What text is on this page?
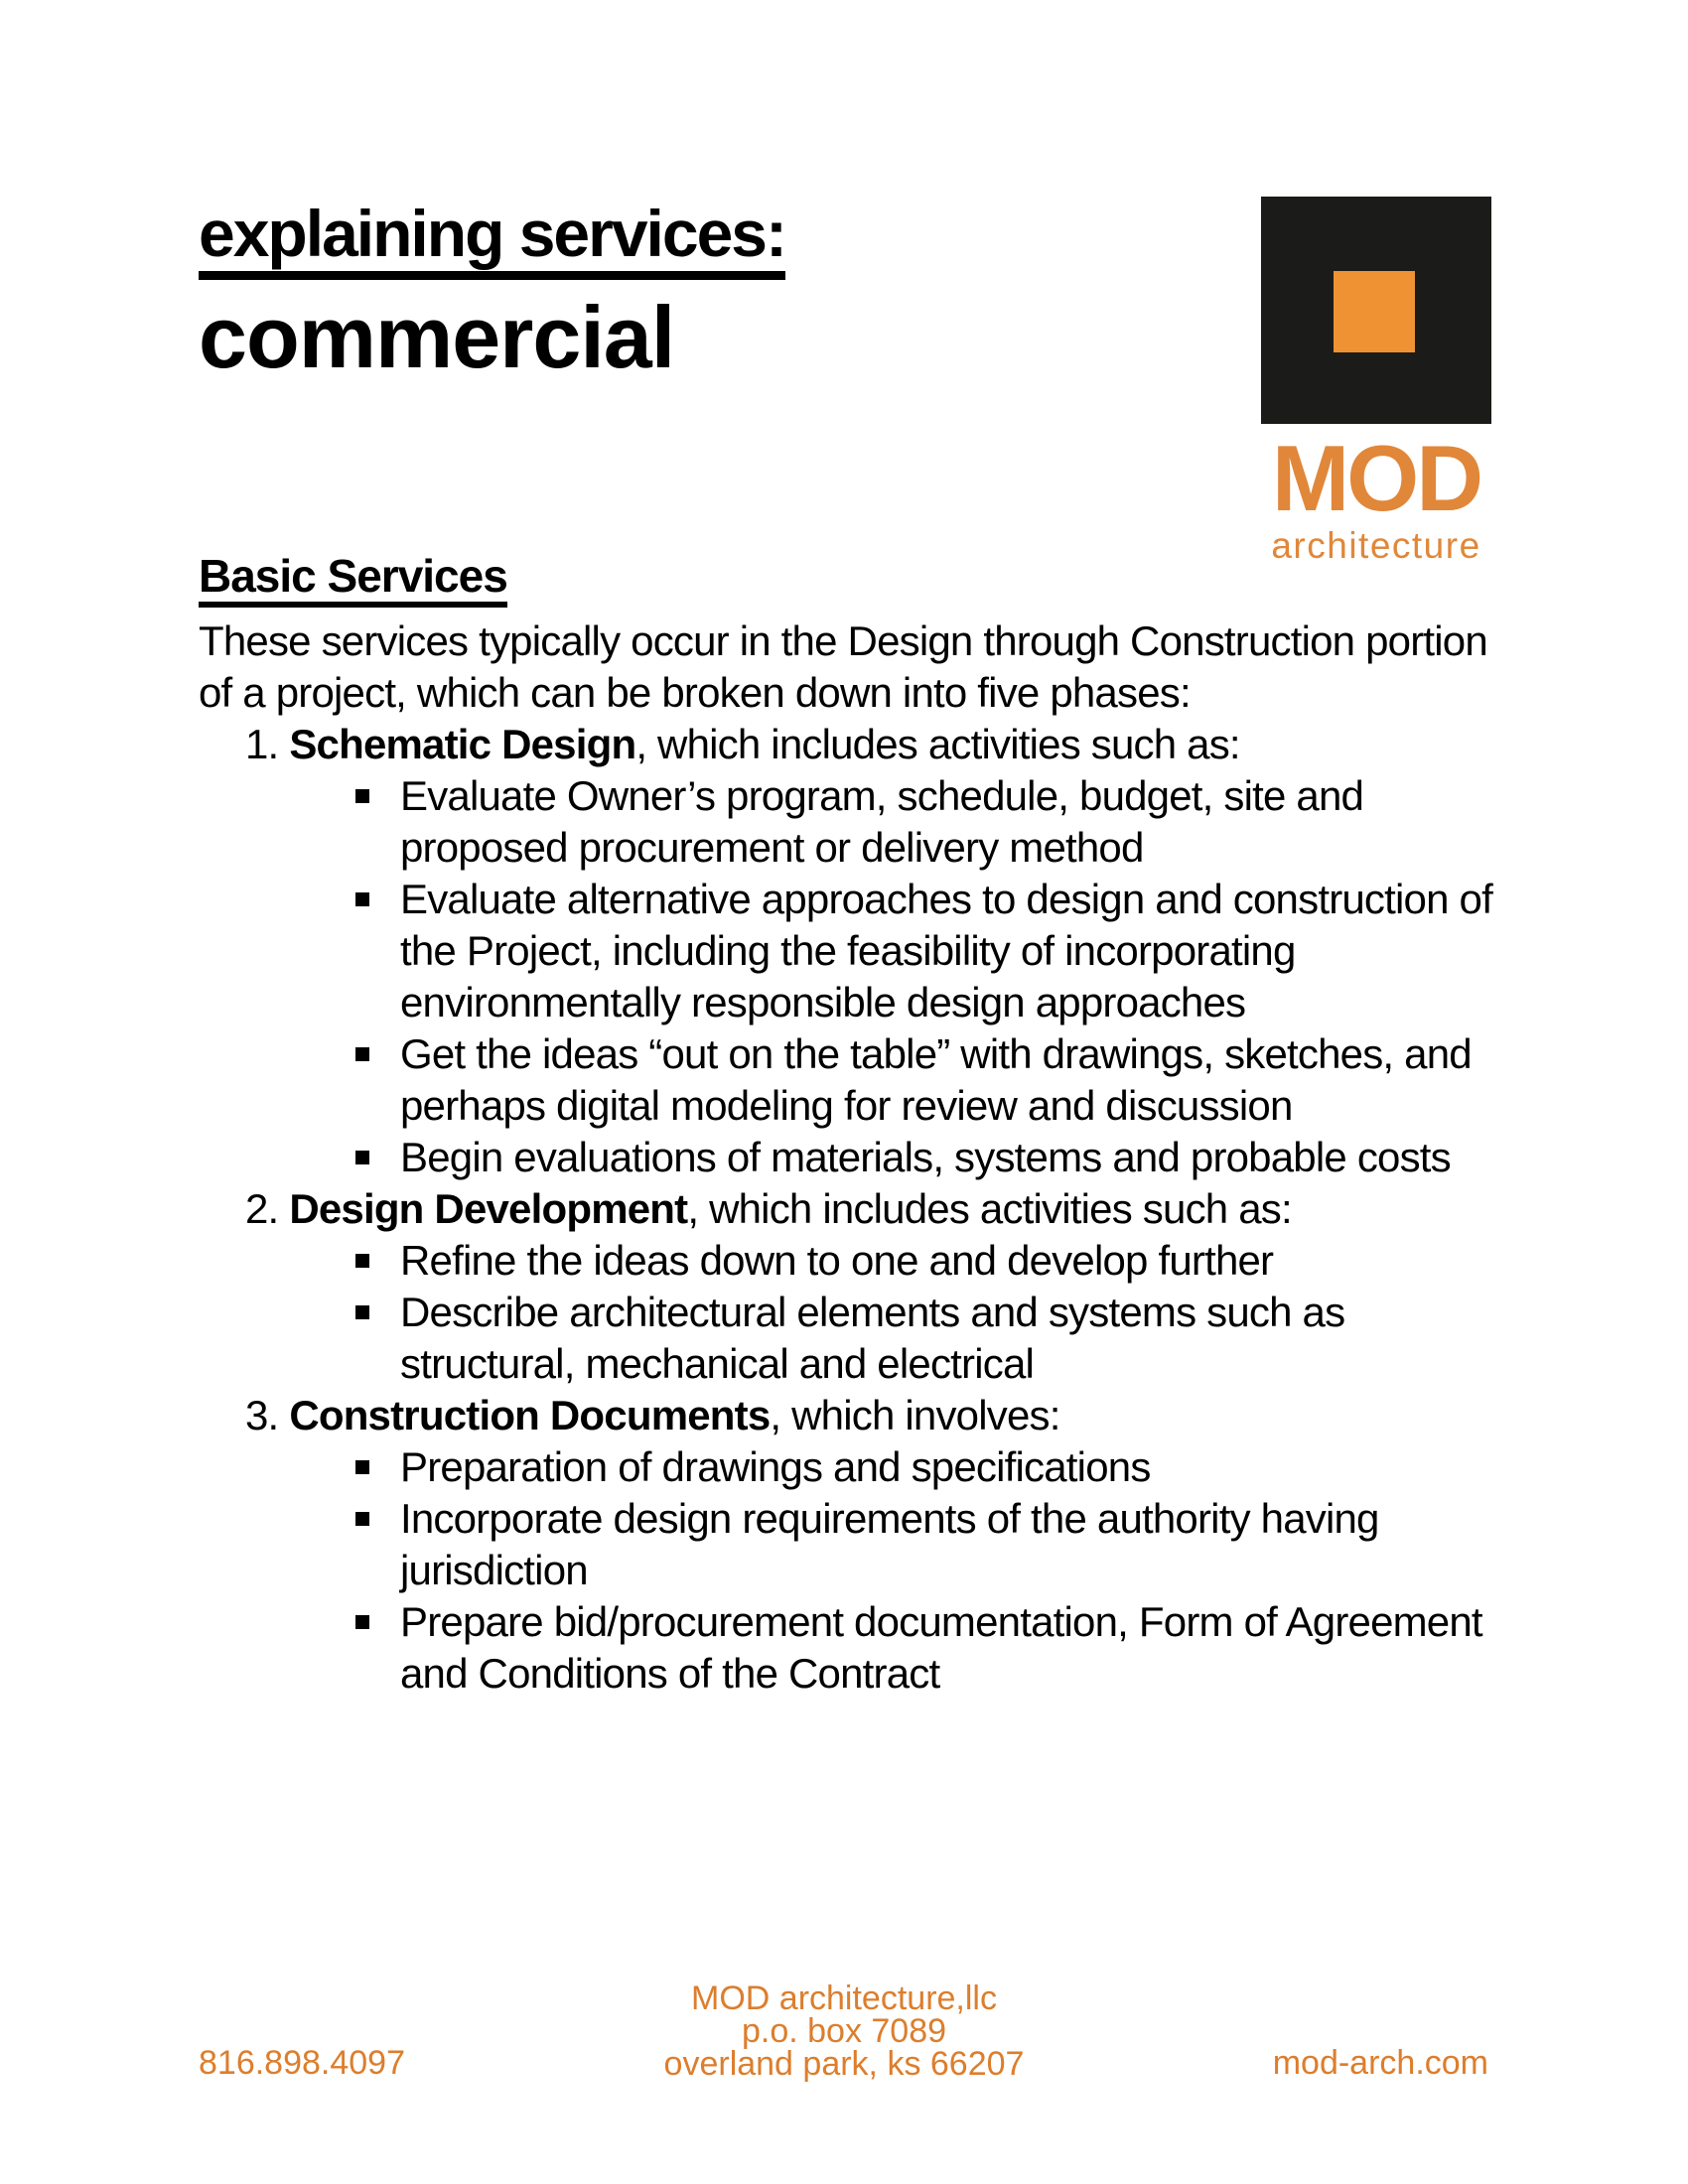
explaining services:
commercial
MOD
architecture
Basic Services

These services typically occur in the Design through Construction portion of a project, which can be broken down into five phases:

1. Schematic Design, which includes activities such as:
Evaluate Owner’s program, schedule, budget, site and proposed procurement or delivery method
Evaluate alternative approaches to design and construction of the Project, including the feasibility of incorporating environmentally responsible design approaches
Get the ideas “out on the table” with drawings, sketches, and perhaps digital modeling for review and discussion
Begin evaluations of materials, systems and probable costs
2. Design Development, which includes activities such as:
Refine the ideas down to one and develop further
Describe architectural elements and systems such as structural, mechanical and electrical
3. Construction Documents, which involves:
Preparation of drawings and specifications
Incorporate design requirements of the authority having jurisdiction
Prepare bid/procurement documentation, Form of Agreement and Conditions of the Contract
816.898.4097
MOD architecture,llc
p.o. box 7089
overland park, ks 66207	mod-arch.com
